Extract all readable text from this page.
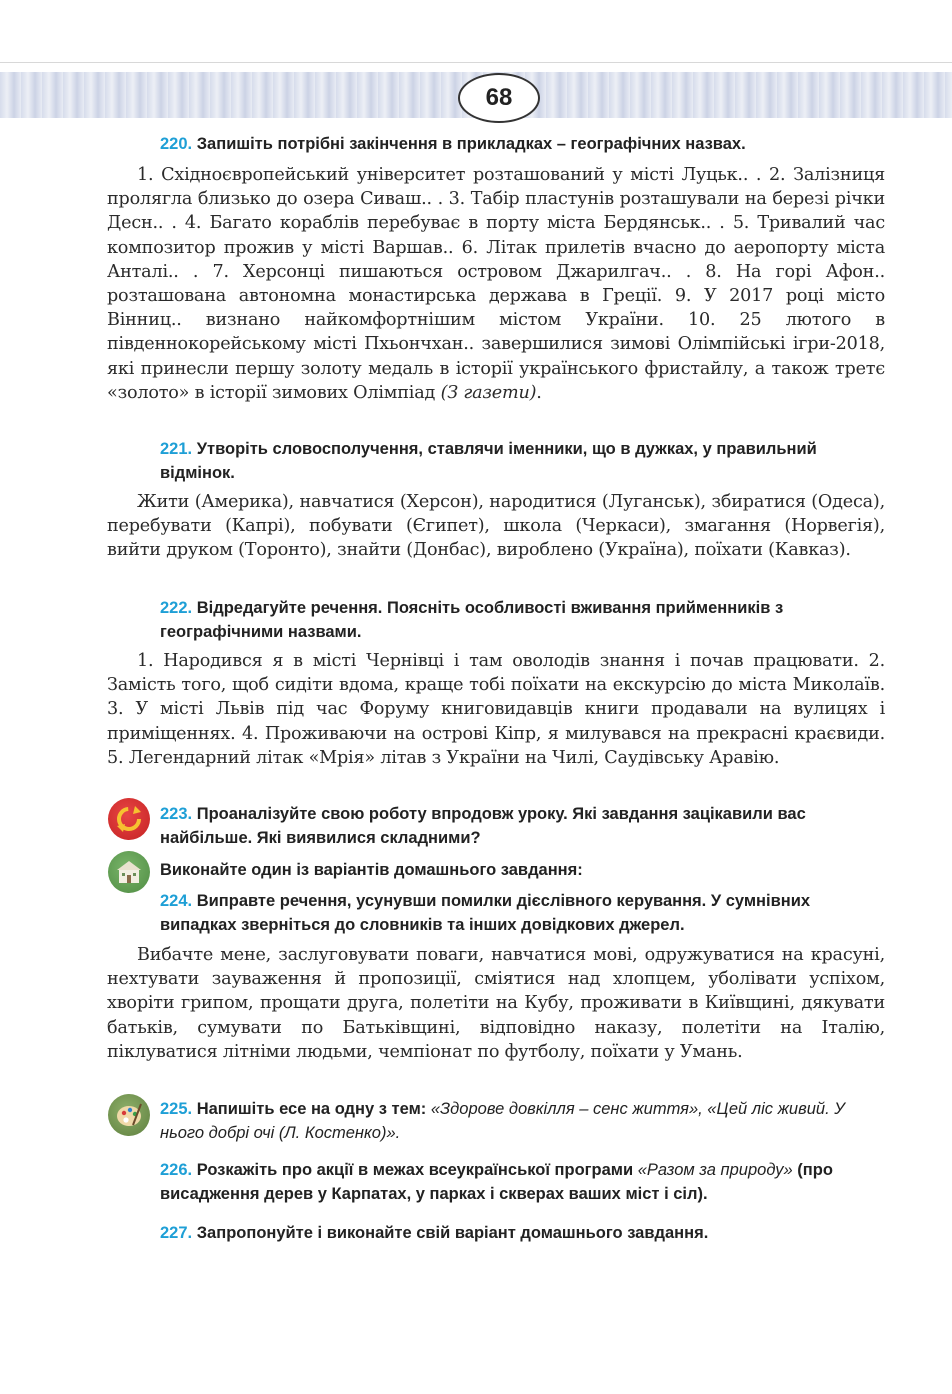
68
220. Запишіть потрібні закінчення в прикладках – географічних назвах.
1. Східноєвропейський університет розташований у місті Луцьк.. . 2. Залізниця пролягла близько до озера Сиваш.. . 3. Табір пластунів розташували на березі річки Десн.. . 4. Багато кораблів перебуває в порту міста Бердянськ.. . 5. Тривалий час композитор прожив у місті Варшав.. 6. Літак прилетів вчасно до аеропорту міста Анталі.. . 7. Херсонці пишаються островом Джарилгач.. . 8. На горі Афон.. розташована автономна монастирська держава в Греції. 9. У 2017 році місто Вінниц.. визнано найкомфортнішим містом України. 10. 25 лютого в південнокорейському місті Пхьончхан.. завершилися зимові Олімпійські ігри-2018, які принесли першу золоту медаль в історії українського фристайлу, а також третє «золото» в історії зимових Олімпіад (З газети).
221. Утворіть словосполучення, ставлячи іменники, що в дужках, у правильний відмінок.
Жити (Америка), навчатися (Херсон), народитися (Луганськ), збиратися (Одеса), перебувати (Капрі), побувати (Єгипет), школа (Черкаси), змагання (Норвегія), вийти друком (Торонто), знайти (Донбас), вироблено (Україна), поїхати (Кавказ).
222. Відредагуйте речення. Поясніть особливості вживання прийменників з географічними назвами.
1. Народився я в місті Чернівці і там оволодів знання і почав працювати. 2. Замість того, щоб сидіти вдома, краще тобі поїхати на екскурсію до міста Миколаїв. 3. У місті Львів під час Форуму книговидавців книги продавали на вулицях і приміщеннях. 4. Проживаючи на острові Кіпр, я милувався на прекрасні краєвиди. 5. Легендарний літак «Мрія» літав з України на Чилі, Саудівську Аравію.
223. Проаналізуйте свою роботу впродовж уроку. Які завдання зацікавили вас найбільше. Які виявилися складними?
Виконайте один із варіантів домашнього завдання:
224. Виправте речення, усунувши помилки дієслівного керування. У сумнівних випадках зверніться до словників та інших довідкових джерел.
Вибачте мене, заслуговувати поваги, навчатися мові, одружуватися на красуні, нехтувати зауваження й пропозиції, сміятися над хлопцем, уболівати успіхом, хворіти грипом, прощати друга, полетіти на Кубу, проживати в Київщині, дякувати батьків, сумувати по Батьківщині, відповідно наказу, полетіти на Італію, піклуватися літніми людьми, чемпіонат по футболу, поїхати у Умань.
225. Напишіть есе на одну з тем: «Здорове довкілля – сенс життя», «Цей ліс живий. У нього добрі очі (Л. Костенко)».
226. Розкажіть про акції в межах всеукраїнської програми «Разом за природу» (про висадження дерев у Карпатах, у парках і скверах ваших міст і сіл).
227. Запропонуйте і виконайте свій варіант домашнього завдання.
